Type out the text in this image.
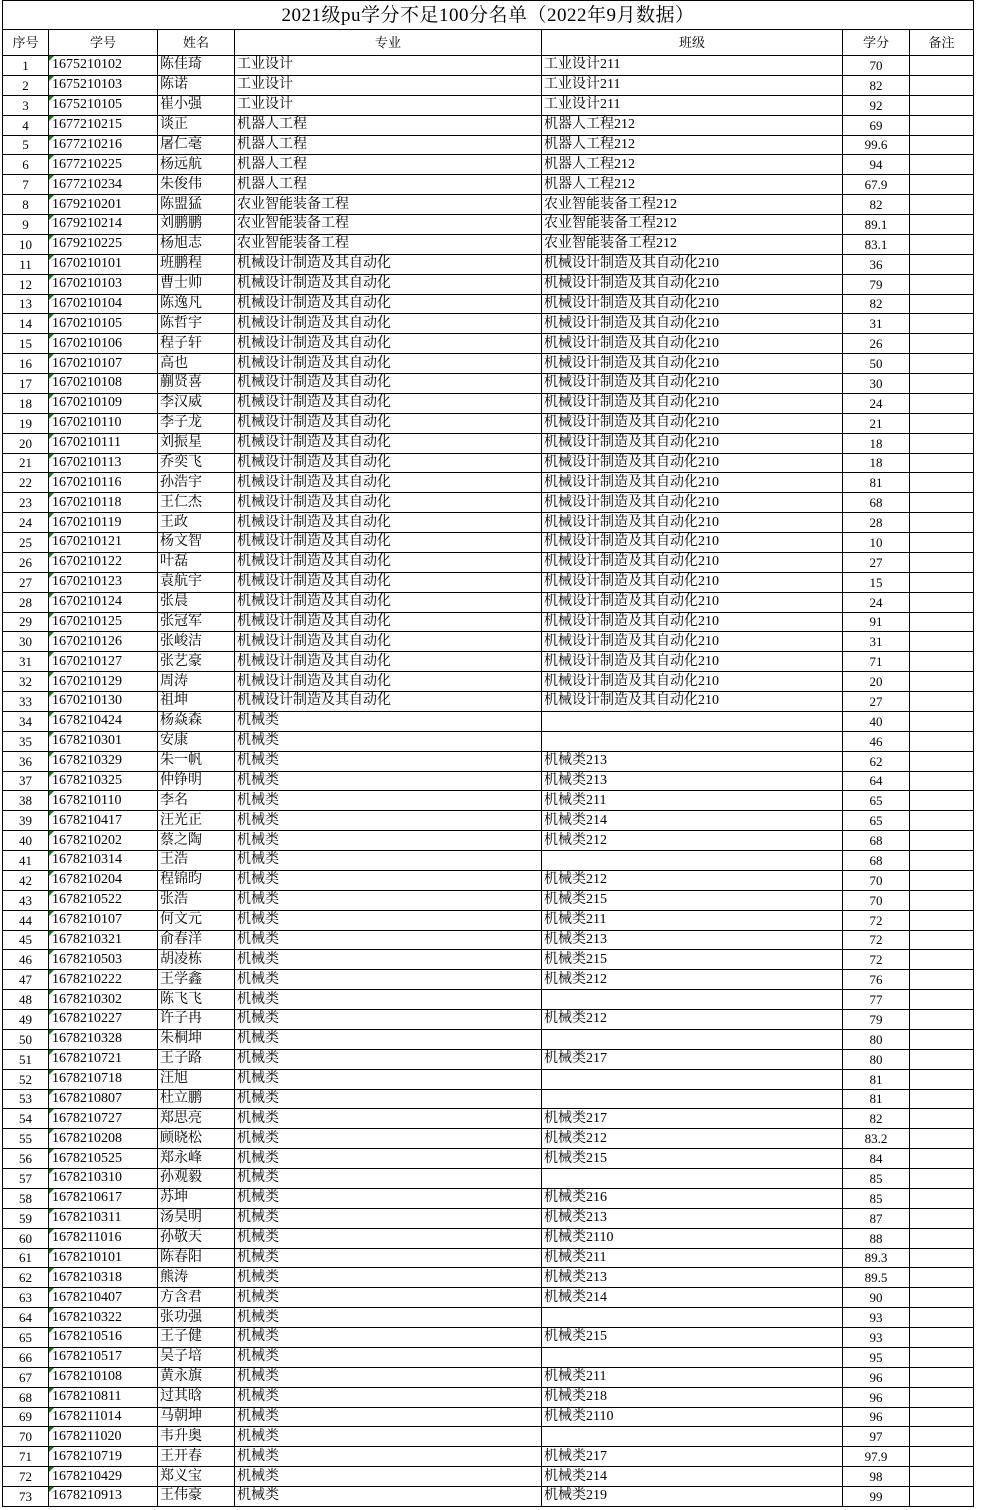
2021级pu学分不足100分名单（2022年9月数据）						
序号	学号	姓名	专业	班级	学分	备注
1	1675210102	陈佳琦	工业设计	工业设计211	70	
2	1675210103	陈诺	工业设计	工业设计211	82	
3	1675210105	崔小强	工业设计	工业设计211	92	
4	1677210215	谈正	机器人工程	机器人工程212	69	
5	1677210216	屠仁毫	机器人工程	机器人工程212	99.6	
6	1677210225	杨远航	机器人工程	机器人工程212	94	
7	1677210234	朱俊伟	机器人工程	机器人工程212	67.9	
8	1679210201	陈盟猛	农业智能装备工程	农业智能装备工程212	82	
9	1679210214	刘鹏鹏	农业智能装备工程	农业智能装备工程212	89.1	
10	1679210225	杨旭志	农业智能装备工程	农业智能装备工程212	83.1	
11	1670210101	班鹏程	机械设计制造及其自动化	机械设计制造及其自动化210	36	
12	1670210103	曹士帅	机械设计制造及其自动化	机械设计制造及其自动化210	79	
13	1670210104	陈逸凡	机械设计制造及其自动化	机械设计制造及其自动化210	82	
14	1670210105	陈哲宇	机械设计制造及其自动化	机械设计制造及其自动化210	31	
15	1670210106	程子轩	机械设计制造及其自动化	机械设计制造及其自动化210	26	
16	1670210107	高也	机械设计制造及其自动化	机械设计制造及其自动化210	50	
17	1670210108	蒯贤喜	机械设计制造及其自动化	机械设计制造及其自动化210	30	
18	1670210109	李汉威	机械设计制造及其自动化	机械设计制造及其自动化210	24	
19	1670210110	李子龙	机械设计制造及其自动化	机械设计制造及其自动化210	21	
20	1670210111	刘振星	机械设计制造及其自动化	机械设计制造及其自动化210	18	
21	1670210113	乔奕飞	机械设计制造及其自动化	机械设计制造及其自动化210	18	
22	1670210116	孙浩宇	机械设计制造及其自动化	机械设计制造及其自动化210	81	
23	1670210118	王仁杰	机械设计制造及其自动化	机械设计制造及其自动化210	68	
24	1670210119	王政	机械设计制造及其自动化	机械设计制造及其自动化210	28	
25	1670210121	杨文智	机械设计制造及其自动化	机械设计制造及其自动化210	10	
26	1670210122	叶磊	机械设计制造及其自动化	机械设计制造及其自动化210	27	
27	1670210123	袁航宇	机械设计制造及其自动化	机械设计制造及其自动化210	15	
28	1670210124	张晨	机械设计制造及其自动化	机械设计制造及其自动化210	24	
29	1670210125	张冠军	机械设计制造及其自动化	机械设计制造及其自动化210	91	
30	1670210126	张峻洁	机械设计制造及其自动化	机械设计制造及其自动化210	31	
31	1670210127	张艺豪	机械设计制造及其自动化	机械设计制造及其自动化210	71	
32	1670210129	周涛	机械设计制造及其自动化	机械设计制造及其自动化210	20	
33	1670210130	祖坤	机械设计制造及其自动化	机械设计制造及其自动化210	27	
34	1678210424	杨焱森	机械类		40	
35	1678210301	安康	机械类		46	
36	1678210329	朱一帆	机械类	机械类213	62	
37	1678210325	仲铮明	机械类	机械类213	64	
38	1678210110	李名	机械类	机械类211	65	
39	1678210417	汪光正	机械类	机械类214	65	
40	1678210202	蔡之陶	机械类	机械类212	68	
41	1678210314	王浩	机械类		68	
42	1678210204	程锦昀	机械类	机械类212	70	
43	1678210522	张浩	机械类	机械类215	70	
44	1678210107	何文元	机械类	机械类211	72	
45	1678210321	俞春洋	机械类	机械类213	72	
46	1678210503	胡凌栋	机械类	机械类215	72	
47	1678210222	王学鑫	机械类	机械类212	76	
48	1678210302	陈飞飞	机械类		77	
49	1678210227	许子冉	机械类	机械类212	79	
50	1678210328	朱桐坤	机械类		80	
51	1678210721	王子路	机械类	机械类217	80	
52	1678210718	汪旭	机械类		81	
53	1678210807	杜立鹏	机械类		81	
54	1678210727	郑思亮	机械类	机械类217	82	
55	1678210208	顾晓松	机械类	机械类212	83.2	
56	1678210525	郑永峰	机械类	机械类215	84	
57	1678210310	孙观毅	机械类		85	
58	1678210617	苏坤	机械类	机械类216	85	
59	1678210311	汤昊明	机械类	机械类213	87	
60	1678211016	孙敬天	机械类	机械类2110	88	
61	1678210101	陈春阳	机械类	机械类211	89.3	
62	1678210318	熊涛	机械类	机械类213	89.5	
63	1678210407	方含君	机械类	机械类214	90	
64	1678210322	张功强	机械类		93	
65	1678210516	王子健	机械类	机械类215	93	
66	1678210517	吴子培	机械类		95	
67	1678210108	黄永旗	机械类	机械类211	96	
68	1678210811	过其晗	机械类	机械类218	96	
69	1678211014	马朝坤	机械类	机械类2110	96	
70	1678211020	韦升奥	机械类		97	
71	1678210719	王开春	机械类	机械类217	97.9	
72	1678210429	郑义宝	机械类	机械类214	98	
73	1678210913	王伟豪	机械类	机械类219	99	
